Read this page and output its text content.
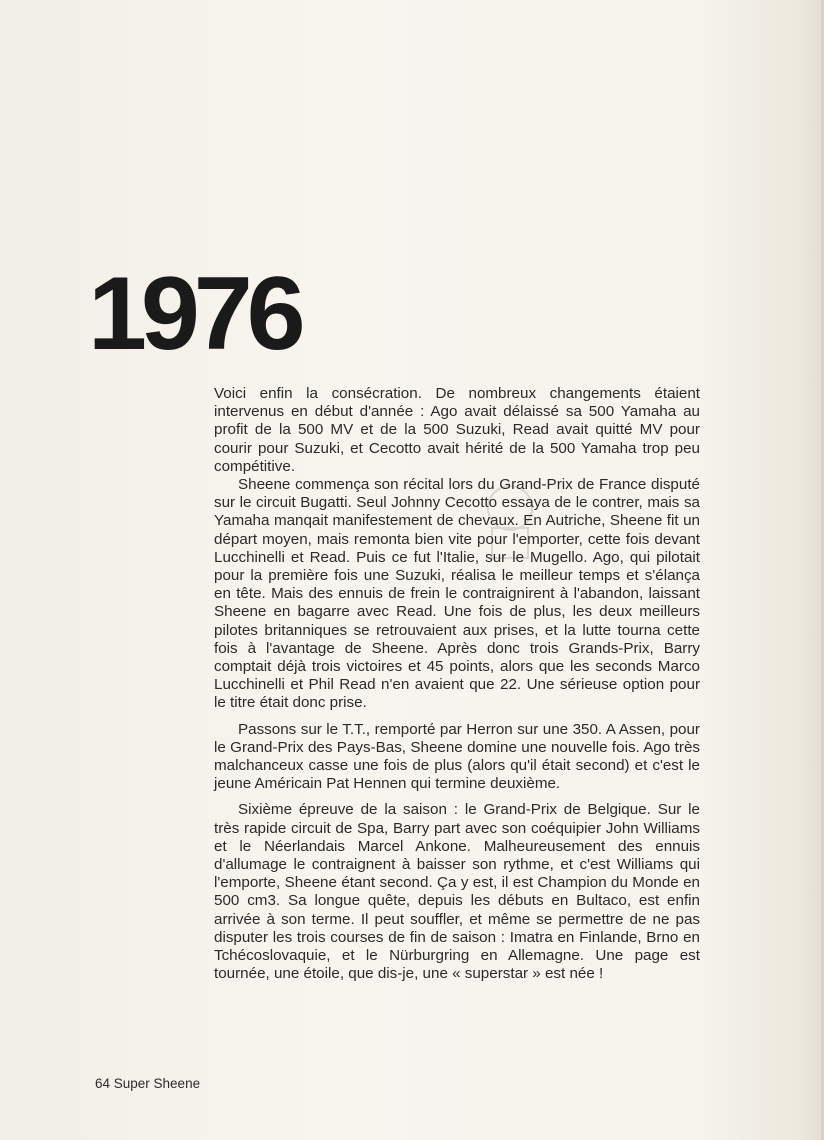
1976

Voici enfin la consécration. De nombreux changements étaient intervenus en début d'année : Ago avait délaissé sa 500 Yamaha au profit de la 500 MV et de la 500 Suzuki, Read avait quitté MV pour courir pour Suzuki, et Cecotto avait hérité de la 500 Yamaha trop peu compétitive.

Sheene commença son récital lors du Grand-Prix de France disputé sur le circuit Bugatti. Seul Johnny Cecotto essaya de le contrer, mais sa Yamaha manqait manifestement de chevaux. En Autriche, Sheene fit un départ moyen, mais remonta bien vite pour l'emporter, cette fois devant Lucchinelli et Read. Puis ce fut l'Italie, sur le Mugello. Ago, qui pilotait pour la première fois une Suzuki, réalisa le meilleur temps et s'élança en tête. Mais des ennuis de frein le contraignirent à l'abandon, laissant Sheene en bagarre avec Read. Une fois de plus, les deux meilleurs pilotes britanniques se retrouvaient aux prises, et la lutte tourna cette fois à l'avantage de Sheene. Après donc trois Grands-Prix, Barry comptait déjà trois victoires et 45 points, alors que les seconds Marco Lucchinelli et Phil Read n'en avaient que 22. Une sérieuse option pour le titre était donc prise.

Passons sur le T.T., remporté par Herron sur une 350. A Assen, pour le Grand-Prix des Pays-Bas, Sheene domine une nouvelle fois. Ago très malchanceux casse une fois de plus (alors qu'il était second) et c'est le jeune Américain Pat Hennen qui termine deuxième.

Sixième épreuve de la saison : le Grand-Prix de Belgique. Sur le très rapide circuit de Spa, Barry part avec son coéquipier John Williams et le Néerlandais Marcel Ankone. Malheureusement des ennuis d'allumage le contraignent à baisser son rythme, et c'est Williams qui l'emporte, Sheene étant second. Ça y est, il est Champion du Monde en 500 cm3. Sa longue quête, depuis les débuts en Bultaco, est enfin arrivée à son terme. Il peut souffler, et même se permettre de ne pas disputer les trois courses de fin de saison : Imatra en Finlande, Brno en Tchécoslovaquie, et le Nürburgring en Allemagne. Une page est tournée, une étoile, que dis-je, une « superstar » est née !

64 Super Sheene
